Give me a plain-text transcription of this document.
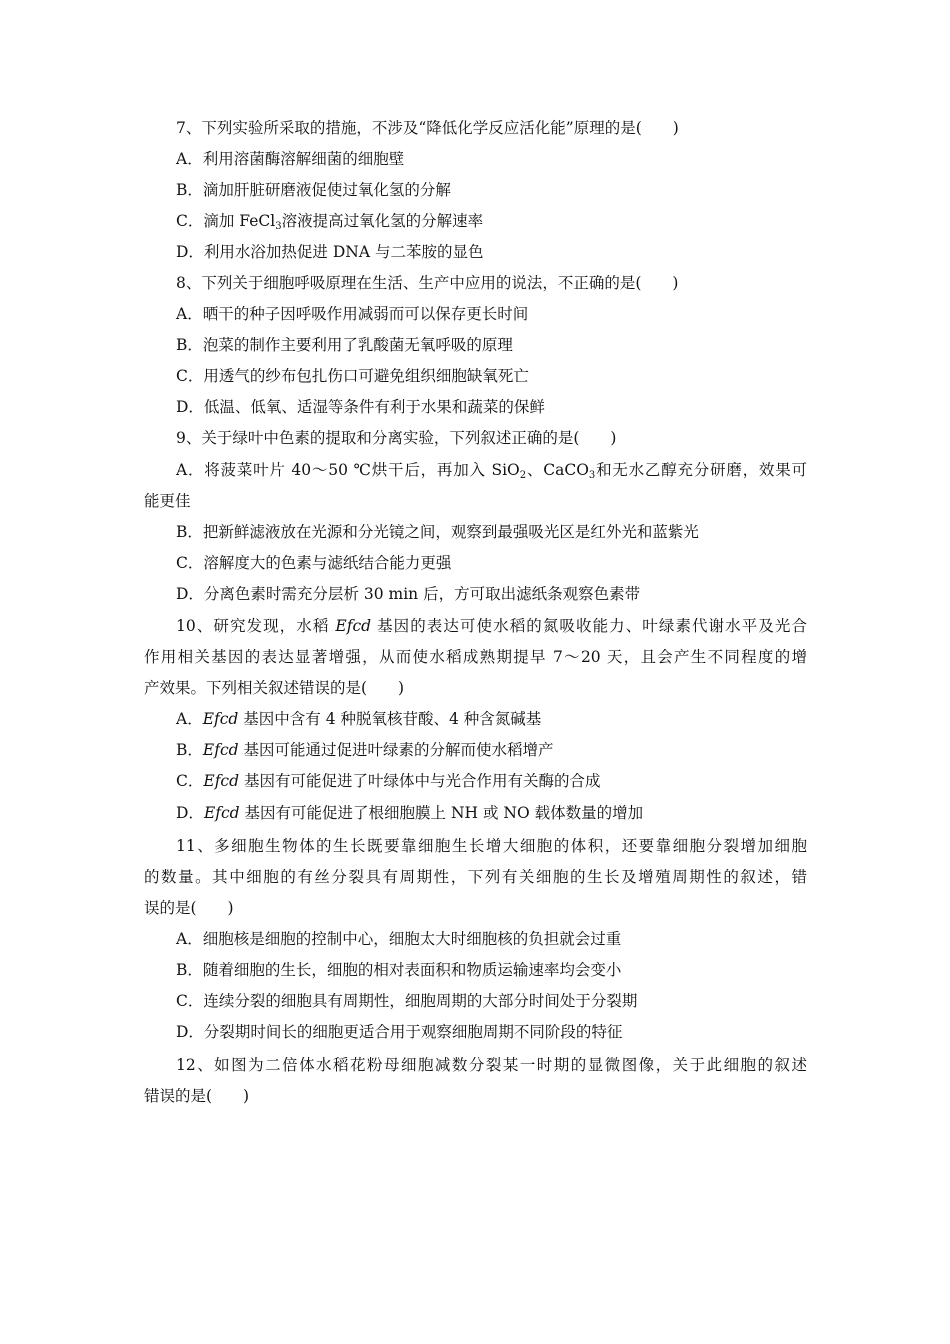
7、下列实验所采取的措施，不涉及“降低化学反应活化能”原理的是(　　)
A．利用溶菌酶溶解细菌的细胞壁
B．滴加肝脏研磨液促使过氧化氢的分解
C．滴加 FeCl$_3$溶液提高过氧化氢的分解速率
D．利用水浴加热促进 DNA 与二苯胺的显色
8、下列关于细胞呼吸原理在生活、生产中应用的说法，不正确的是(　　)
A．晒干的种子因呼吸作用减弱而可以保存更长时间
B．泡菜的制作主要利用了乳酸菌无氧呼吸的原理
C．用透气的纱布包扎伤口可避免组织细胞缺氧死亡
D．低温、低氧、适湿等条件有利于水果和蔬菜的保鲜
9、关于绿叶中色素的提取和分离实验，下列叙述正确的是(　　)
A．将菠菜叶片 40～50 ℃烘干后，再加入 SiO$_2$、CaCO$_3$和无水乙醇充分研磨，效果可
能更佳
B．把新鲜滤液放在光源和分光镜之间，观察到最强吸光区是红外光和蓝紫光
C．溶解度大的色素与滤纸结合能力更强
D．分离色素时需充分层析 30 min 后，方可取出滤纸条观察色素带
10、研究发现，水稻 Efcd 基因的表达可使水稻的氮吸收能力、叶绿素代谢水平及光合
作用相关基因的表达显著增强，从而使水稻成熟期提早 7～20 天，且会产生不同程度的增
产效果。下列相关叙述错误的是(　　)
A．Efcd 基因中含有 4 种脱氧核苷酸、4 种含氮碱基
B．Efcd 基因可能通过促进叶绿素的分解而使水稻增产
C．Efcd 基因有可能促进了叶绿体中与光合作用有关酶的合成
D．Efcd 基因有可能促进了根细胞膜上 NH 或 NO 载体数量的增加
11、多细胞生物体的生长既要靠细胞生长增大细胞的体积，还要靠细胞分裂增加细胞
的数量。其中细胞的有丝分裂具有周期性，下列有关细胞的生长及增殖周期性的叙述，错
误的是(　　)
A．细胞核是细胞的控制中心，细胞太大时细胞核的负担就会过重
B．随着细胞的生长，细胞的相对表面积和物质运输速率均会变小
C．连续分裂的细胞具有周期性，细胞周期的大部分时间处于分裂期
D．分裂期时间长的细胞更适合用于观察细胞周期不同阶段的特征
12、如图为二倍体水稻花粉母细胞减数分裂某一时期的显微图像，关于此细胞的叙述
错误的是(　　)
